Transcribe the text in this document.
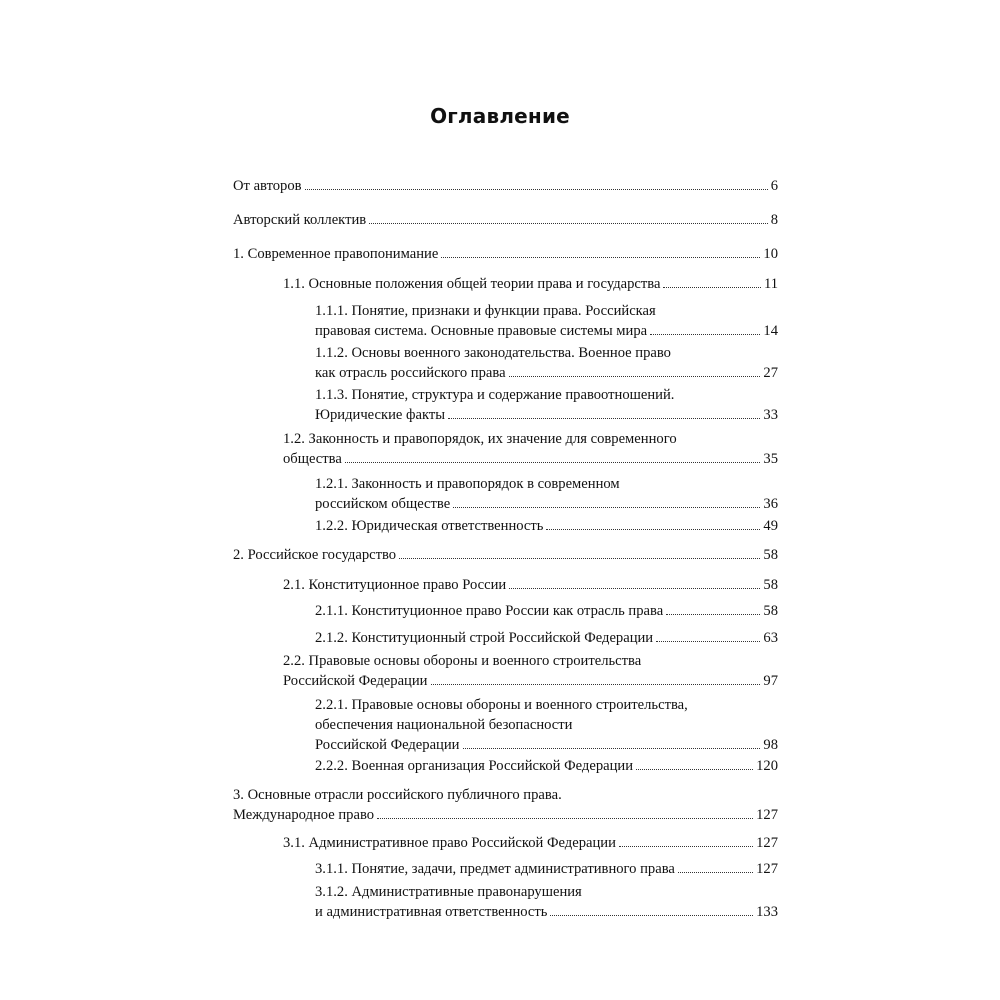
Оглавление
От авторов	6
Авторский коллектив	8
1. Современное правопонимание	10
1.1. Основные положения общей теории права и государства	11
1.1.1. Понятие, признаки и функции права. Российская
правовая система. Основные правовые системы мира	14
1.1.2. Основы военного законодательства. Военное право
как отрасль российского права	27
1.1.3. Понятие, структура и содержание правоотношений.
Юридические факты	33
1.2. Законность и правопорядок, их значение для современного
общества	35
1.2.1. Законность и правопорядок в современном
российском обществе	36
1.2.2. Юридическая ответственность	49
2. Российское государство	58
2.1. Конституционное право России	58
2.1.1. Конституционное право России как отрасль права	58
2.1.2. Конституционный строй Российской Федерации	63
2.2. Правовые основы обороны и военного строительства
Российской Федерации	97
2.2.1. Правовые основы обороны и военного строительства,
обеспечения национальной безопасности
Российской Федерации	98
2.2.2. Военная организация Российской Федерации	120
3. Основные отрасли российского публичного права.
Международное право	127
3.1. Административное право Российской Федерации	127
3.1.1. Понятие, задачи, предмет административного права	127
3.1.2. Административные правонарушения
и административная ответственность	133
